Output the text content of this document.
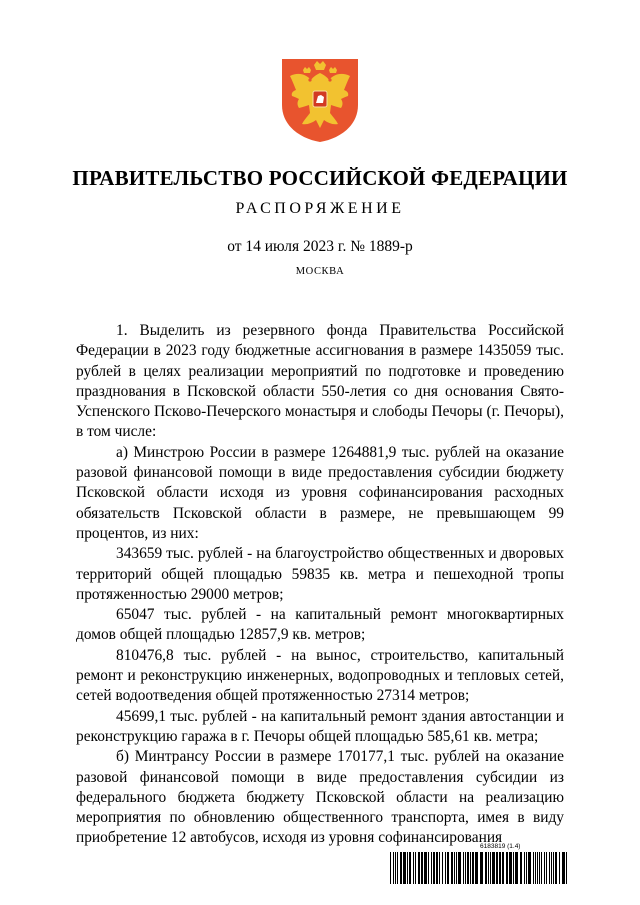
ПРАВИТЕЛЬСТВО РОССИЙСКОЙ ФЕДЕРАЦИИ
РАСПОРЯЖЕНИЕ
от 14 июля 2023 г. № 1889-р
МОСКВА

1. Выделить из резервного фонда Правительства Российской Федерации в 2023 году бюджетные ассигнования в размере 1435059 тыс. рублей в целях реализации мероприятий по подготовке и проведению празднования в Псковской области 550-летия со дня основания Свято-Успенского Псково-Печерского монастыря и слободы Печоры (г. Печоры), в том числе:

а) Минстрою России в размере 1264881,9 тыс. рублей на оказание разовой финансовой помощи в виде предоставления субсидии бюджету Псковской области исходя из уровня софинансирования расходных обязательств Псковской области в размере, не превышающем 99 процентов, из них:

343659 тыс. рублей - на благоустройство общественных и дворовых территорий общей площадью 59835 кв. метра и пешеходной тропы протяженностью 29000 метров;

65047 тыс. рублей - на капитальный ремонт многоквартирных домов общей площадью 12857,9 кв. метров;

810476,8 тыс. рублей - на вынос, строительство, капитальный ремонт и реконструкцию инженерных, водопроводных и тепловых сетей, сетей водоотведения общей протяженностью 27314 метров;

45699,1 тыс. рублей - на капитальный ремонт здания автостанции и реконструкцию гаража в г. Печоры общей площадью 585,61 кв. метра;

б) Минтрансу России в размере 170177,1 тыс. рублей на оказание разовой финансовой помощи в виде предоставления субсидии из федерального бюджета бюджету Псковской области на реализацию мероприятия по обновлению общественного транспорта, имея в виду приобретение 12 автобусов, исходя из уровня софинансирования

6183819 (1.4)
